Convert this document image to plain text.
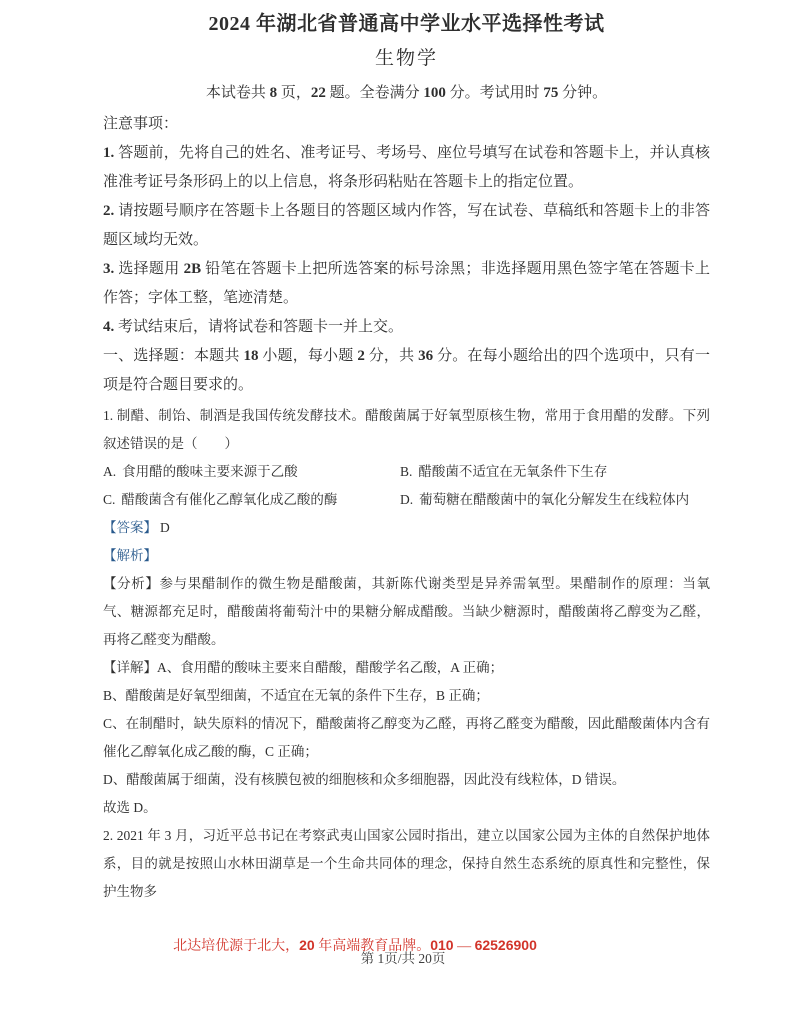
2024 年湖北省普通高中学业水平选择性考试
生物学
本试卷共 8 页，22 题。全卷满分 100 分。考试用时 75 分钟。

注意事项：

1. 答题前，先将自己的姓名、准考证号、考场号、座位号填写在试卷和答题卡上，并认真核准准考证号条形码上的以上信息，将条形码粘贴在答题卡上的指定位置。

2. 请按题号顺序在答题卡上各题目的答题区域内作答，写在试卷、草稿纸和答题卡上的非答题区域均无效。

3. 选择题用 2B 铅笔在答题卡上把所选答案的标号涂黑；非选择题用黑色签字笔在答题卡上作答；字体工整，笔迹清楚。

4. 考试结束后，请将试卷和答题卡一并上交。

一、选择题：本题共 18 小题，每小题 2 分，共 36 分。在每小题给出的四个选项中，只有一项是符合题目要求的。

1. 制醋、制饴、制酒是我国传统发酵技术。醋酸菌属于好氧型原核生物，常用于食用醋的发酵。下列叙述错误的是（　　）

A. 食用醋的酸味主要来源于乙酸	B. 醋酸菌不适宜在无氧条件下生存

C. 醋酸菌含有催化乙醇氧化成乙酸的酶	D. 葡萄糖在醋酸菌中的氧化分解发生在线粒体内

【答案】 D

【解析】

【分析】参与果醋制作的微生物是醋酸菌，其新陈代谢类型是异养需氧型。果醋制作的原理：当氧气、糖源都充足时，醋酸菌将葡萄汁中的果糖分解成醋酸。当缺少糖源时，醋酸菌将乙醇变为乙醛，再将乙醛变为醋酸。

【详解】A、食用醋的酸味主要来自醋酸，醋酸学名乙酸，A 正确；

B、醋酸菌是好氧型细菌，不适宜在无氧的条件下生存，B 正确；

C、在制醋时，缺失原料的情况下，醋酸菌将乙醇变为乙醛，再将乙醛变为醋酸，因此醋酸菌体内含有催化乙醇氧化成乙酸的酶，C 正确；

D、醋酸菌属于细菌，没有核膜包被的细胞核和众多细胞器，因此没有线粒体，D 错误。

故选 D。

2. 2021 年 3 月，习近平总书记在考察武夷山国家公园时指出，建立以国家公园为主体的自然保护地体系，目的就是按照山水林田湖草是一个生命共同体的理念，保持自然生态系统的原真性和完整性，保护生物多

北达培优源于北大，20 年高端教育品牌。010 — 62526900
第 1页/共 20页
